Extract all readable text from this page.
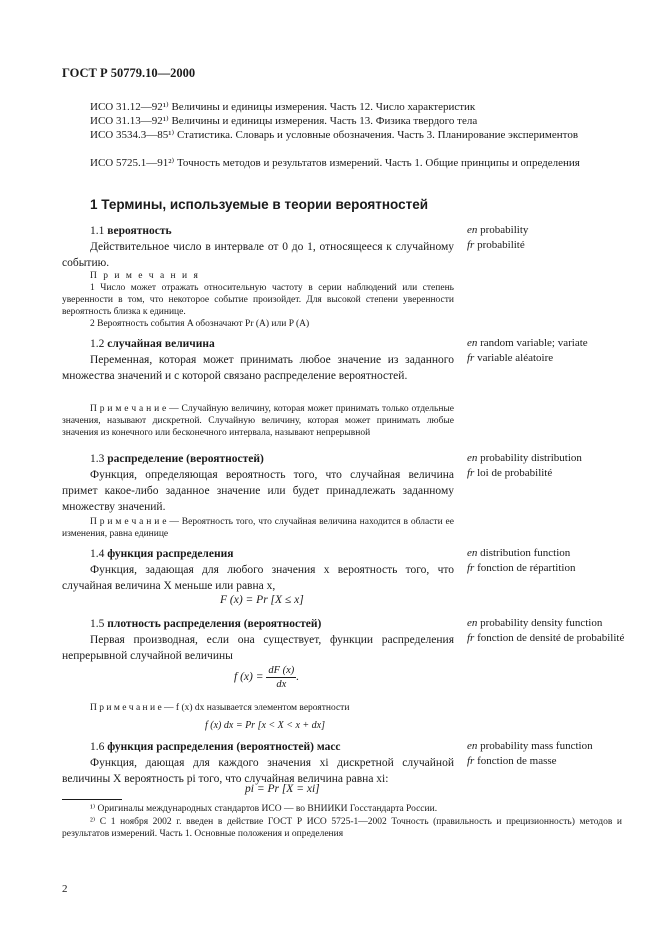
ГОСТ Р 50779.10—2000
ИСО 31.12—92¹⁾ Величины и единицы измерения. Часть 12. Число характеристик
ИСО 31.13—92¹⁾ Величины и единицы измерения. Часть 13. Физика твердого тела
ИСО 3534.3—85¹⁾ Статистика. Словарь и условные обозначения. Часть 3. Планирование экспериментов
ИСО 5725.1—91²⁾ Точность методов и результатов измерений. Часть 1. Общие принципы и определения
1 Термины, используемые в теории вероятностей
1.1 вероятность
Действительное число в интервале от 0 до 1, относящееся к случайному событию.
П р и м е ч а н и я
1 Число может отражать относительную частоту в серии наблюдений или степень уверенности в том, что некоторое событие произойдет. Для высокой степени уверенности вероятность близка к единице.
2 Вероятность события A обозначают Pr (A) или P (A)
en probability
fr probabilité
1.2 случайная величина
Переменная, которая может принимать любое значение из заданного множества значений и с которой связано распределение вероятностей.
П р и м е ч а н и е — Случайную величину, которая может принимать только отдельные значения, называют дискретной. Случайную величину, которая может принимать любые значения из конечного или бесконечного интервала, называют непрерывной
en random variable; variate
fr variable aléatoire
1.3 распределение (вероятностей)
Функция, определяющая вероятность того, что случайная величина примет какое-либо заданное значение или будет принадлежать заданному множеству значений.
П р и м е ч а н и е — Вероятность того, что случайная величина находится в области ее изменения, равна единице
en probability distribution
fr loi de probabilité
1.4 функция распределения
Функция, задающая для любого значения x вероятность того, что случайная величина X меньше или равна x,
F (x) = Pr [X ≤ x]
en distribution function
fr fonction de répartition
1.5 плотность распределения (вероятностей)
Первая производная, если она существует, функции распределения непрерывной случайной величины
f $(x) = \frac{dF (x)}{dx}$ .
П р и м е ч а н и е — f (x) dx называется элементом вероятности
f (x) dx = Pr [x < X < x + dx]
en probability density function
fr fonction de densité de probabilité
1.6 функция распределения (вероятностей) масс
Функция, дающая для каждого значения xi дискретной случайной величины X вероятность pi того, что случайная величина равна xi:
pi = Pr [X = xi]
en probability mass function
fr fonction de masse
¹⁾ Оригиналы международных стандартов ИСО — во ВНИИКИ Госстандарта России.
²⁾ С 1 ноября 2002 г. введен в действие ГОСТ Р ИСО 5725-1—2002 Точность (правильность и прецизионность) методов и результатов измерений. Часть 1. Основные положения и определения
2
